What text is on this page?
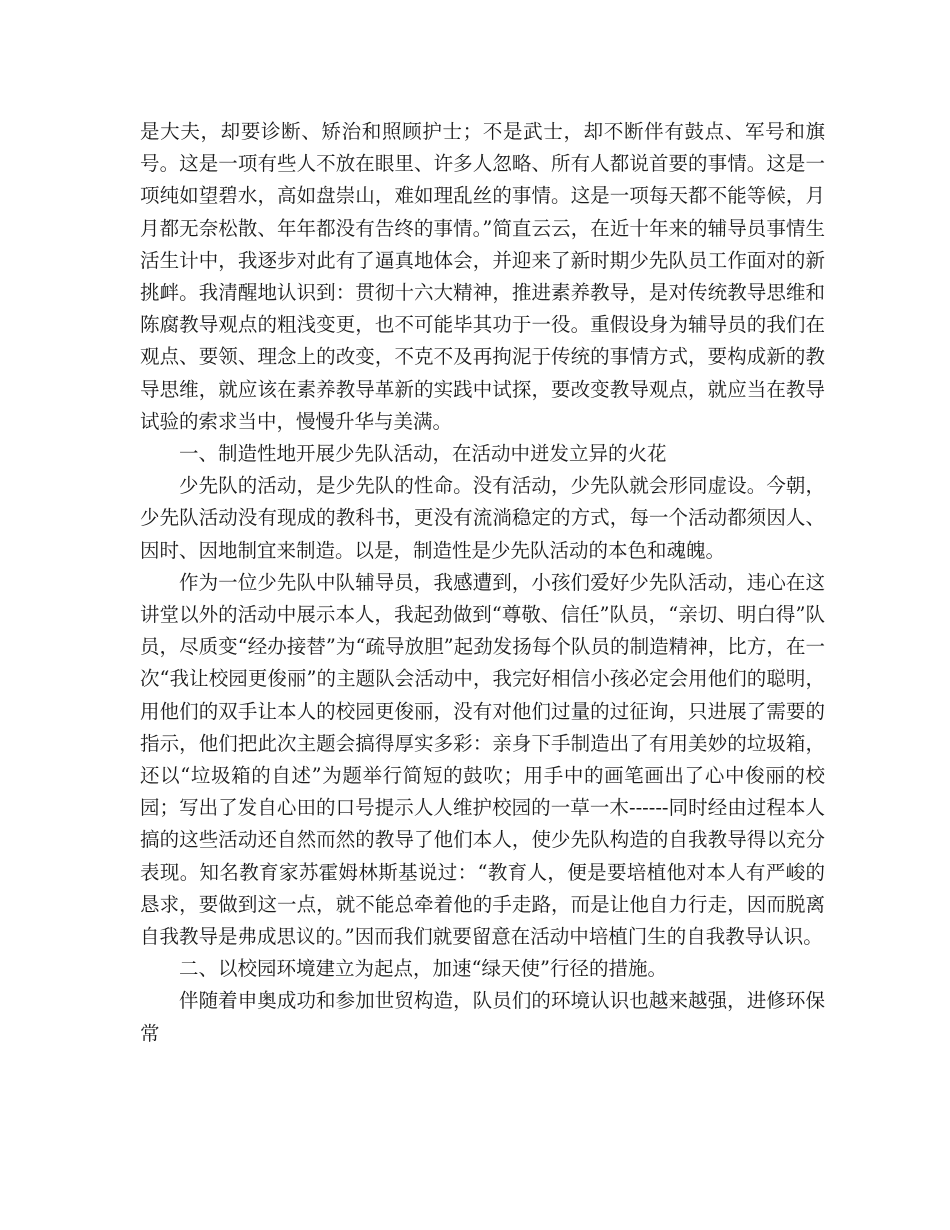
是大夫，却要诊断、矫治和照顾护士；不是武士，却不断伴有鼓点、军号和旗号。这是一项有些人不放在眼里、许多人忽略、所有人都说首要的事情。这是一项纯如望碧水，高如盘崇山，难如理乱丝的事情。这是一项每天都不能等候，月月都无奈松散、年年都没有告终的事情。”简直云云，在近十年来的辅导员事情生活生计中，我逐步对此有了逼真地体会，并迎来了新时期少先队员工作面对的新挑衅。我清醒地认识到：贯彻十六大精神，推进素养教导，是对传统教导思维和陈腐教导观点的粗浅变更，也不可能毕其功于一役。重假设身为辅导员的我们在观点、要领、理念上的改变，不克不及再拘泥于传统的事情方式，要构成新的教导思维，就应该在素养教导革新的实践中试探，要改变教导观点，就应当在教导试验的索求当中，慢慢升华与美满。

一、制造性地开展少先队活动，在活动中迸发立异的火花

少先队的活动，是少先队的性命。没有活动，少先队就会形同虚设。今朝，少先队活动没有现成的教科书，更没有流淌稳定的方式，每一个活动都须因人、因时、因地制宜来制造。以是，制造性是少先队活动的本色和魂魄。

作为一位少先队中队辅导员，我感遭到，小孩们爱好少先队活动，违心在这讲堂以外的活动中展示本人，我起劲做到“尊敬、信任”队员，“亲切、明白得”队员，尽质变“经办接替”为“疏导放胆”起劲发扬每个队员的制造精神，比方，在一次“我让校园更俊丽”的主题队会活动中，我完好相信小孩必定会用他们的聪明，用他们的双手让本人的校园更俊丽，没有对他们过量的过征询，只进展了需要的指示，他们把此次主题会搞得厚实多彩：亲身下手制造出了有用美妙的垃圾箱，还以“垃圾箱的自述”为题举行简短的鼓吹；用手中的画笔画出了心中俊丽的校园；写出了发自心田的口号提示人人维护校园的一草一木------同时经由过程本人搞的这些活动还自然而然的教导了他们本人，使少先队构造的自我教导得以充分表现。知名教育家苏霍姆林斯基说过：“教育人，便是要培植他对本人有严峻的恳求，要做到这一点，就不能总牵着他的手走路，而是让他自力行走，因而脱离自我教导是弗成思议的。”因而我们就要留意在活动中培植门生的自我教导认识。

二、以校园环境建立为起点，加速“绿天使”行径的措施。

伴随着申奥成功和参加世贸构造，队员们的环境认识也越来越强，进修环保常
